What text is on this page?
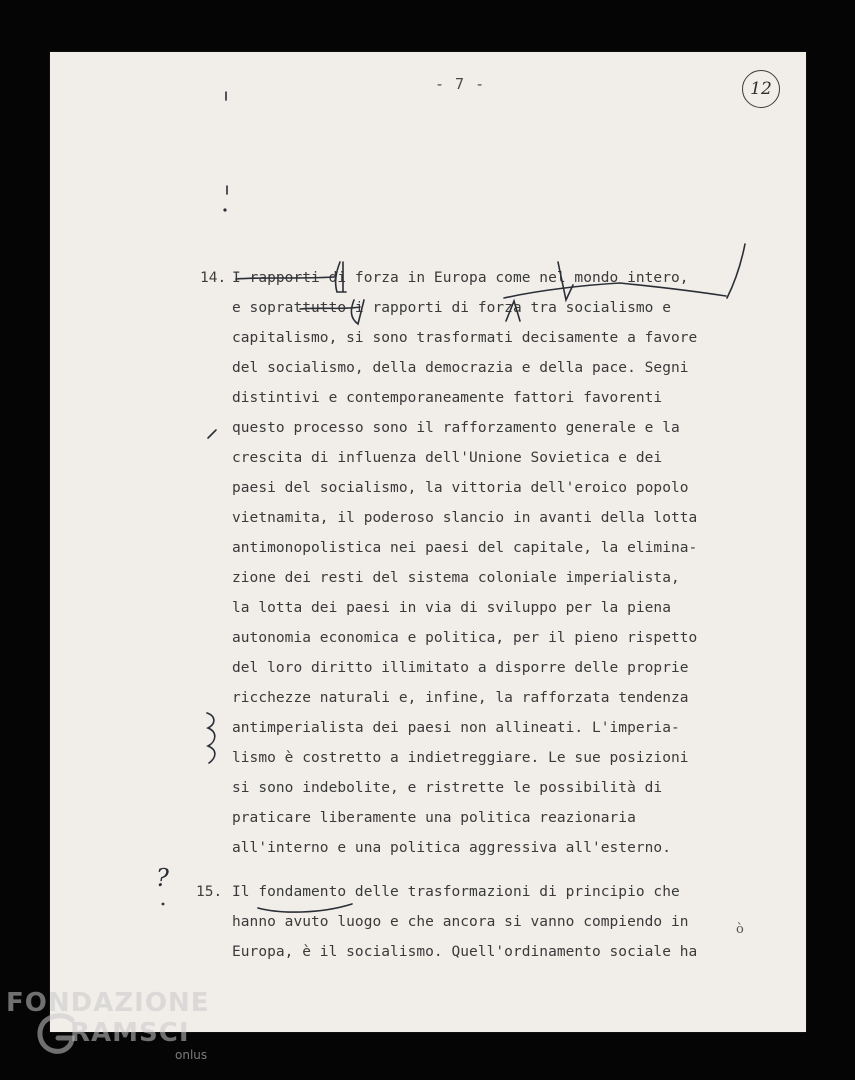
- 7 -	12
14. I rapporti di forza in Europa come nel mondo intero,
e soprattutto i rapporti di forza tra socialismo e
capitalismo, si sono trasformati decisamente a favore
del socialismo, della democrazia e della pace. Segni
distintivi e contemporaneamente fattori favorenti
questo processo sono il rafforzamento generale e la
crescita di influenza dell'Unione Sovietica e dei
paesi del socialismo, la vittoria dell'eroico popolo
vietnamita, il poderoso slancio in avanti della lotta
antimonopolistica nei paesi del capitale, la elimina-
zione dei resti del sistema coloniale imperialista,
la lotta dei paesi in via di sviluppo per la piena
autonomia economica e politica, per il pieno rispetto
del loro diritto illimitato a disporre delle proprie
ricchezze naturali e, infine, la rafforzata tendenza
antimperialista dei paesi non allineati. L'imperia-
lismo è costretto a indietreggiare. Le sue posizioni
si sono indebolite, e ristrette le possibilità di
praticare liberamente una politica reazionaria
all'interno e una politica aggressiva all'esterno.
15. Il fondamento delle trasformazioni di principio che
hanno avuto luogo e che ancora si vanno compiendo in
Europa, è il socialismo. Quell'ordinamento sociale ha
?
ò
FONDAZIONE
RAMSCI
onlus
